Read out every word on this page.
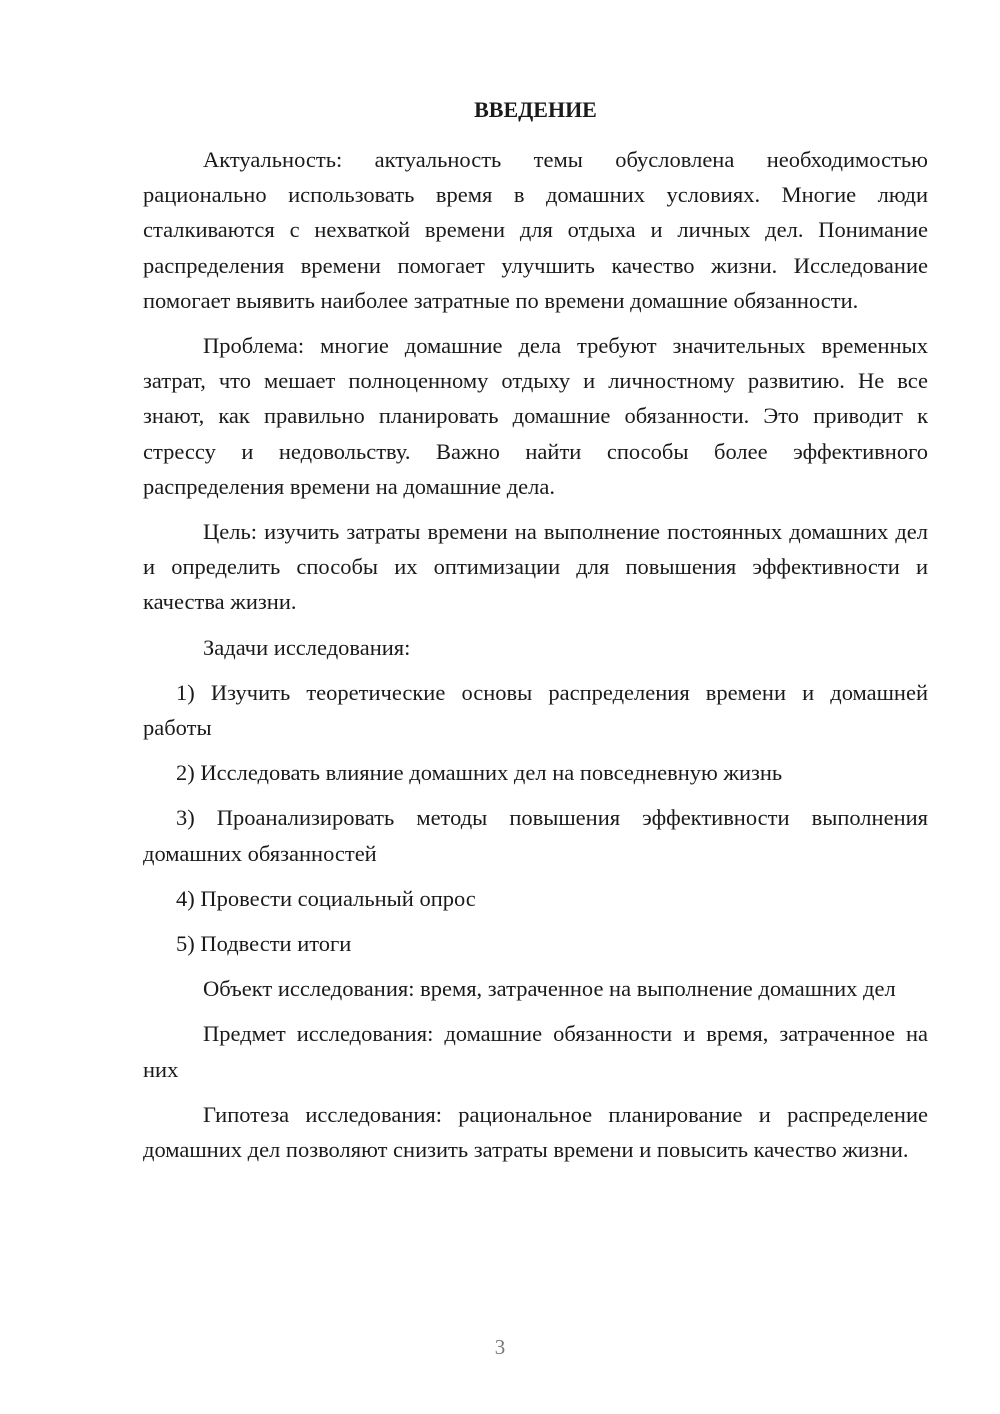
ВВЕДЕНИЕ

Актуальность: актуальность темы обусловлена необходимостью рационально использовать время в домашних условиях. Многие люди сталкиваются с нехваткой времени для отдыха и личных дел. Понимание распределения времени помогает улучшить качество жизни. Исследование помогает выявить наиболее затратные по времени домашние обязанности.

Проблема: многие домашние дела требуют значительных временных затрат, что мешает полноценному отдыху и личностному развитию. Не все знают, как правильно планировать домашние обязанности. Это приводит к стрессу и недовольству. Важно найти способы более эффективного распределения времени на домашние дела.

Цель: изучить затраты времени на выполнение постоянных домашних дел и определить способы их оптимизации для повышения эффективности и качества жизни.

Задачи исследования:

1) Изучить теоретические основы распределения времени и домашней работы

2) Исследовать влияние домашних дел на повседневную жизнь

3) Проанализировать методы повышения эффективности выполнения домашних обязанностей

4) Провести социальный опрос

5) Подвести итоги

Объект исследования: время, затраченное на выполнение домашних дел

Предмет исследования: домашние обязанности и время, затраченное на них

Гипотеза исследования: рациональное планирование и распределение домашних дел позволяют снизить затраты времени и повысить качество жизни.

3
